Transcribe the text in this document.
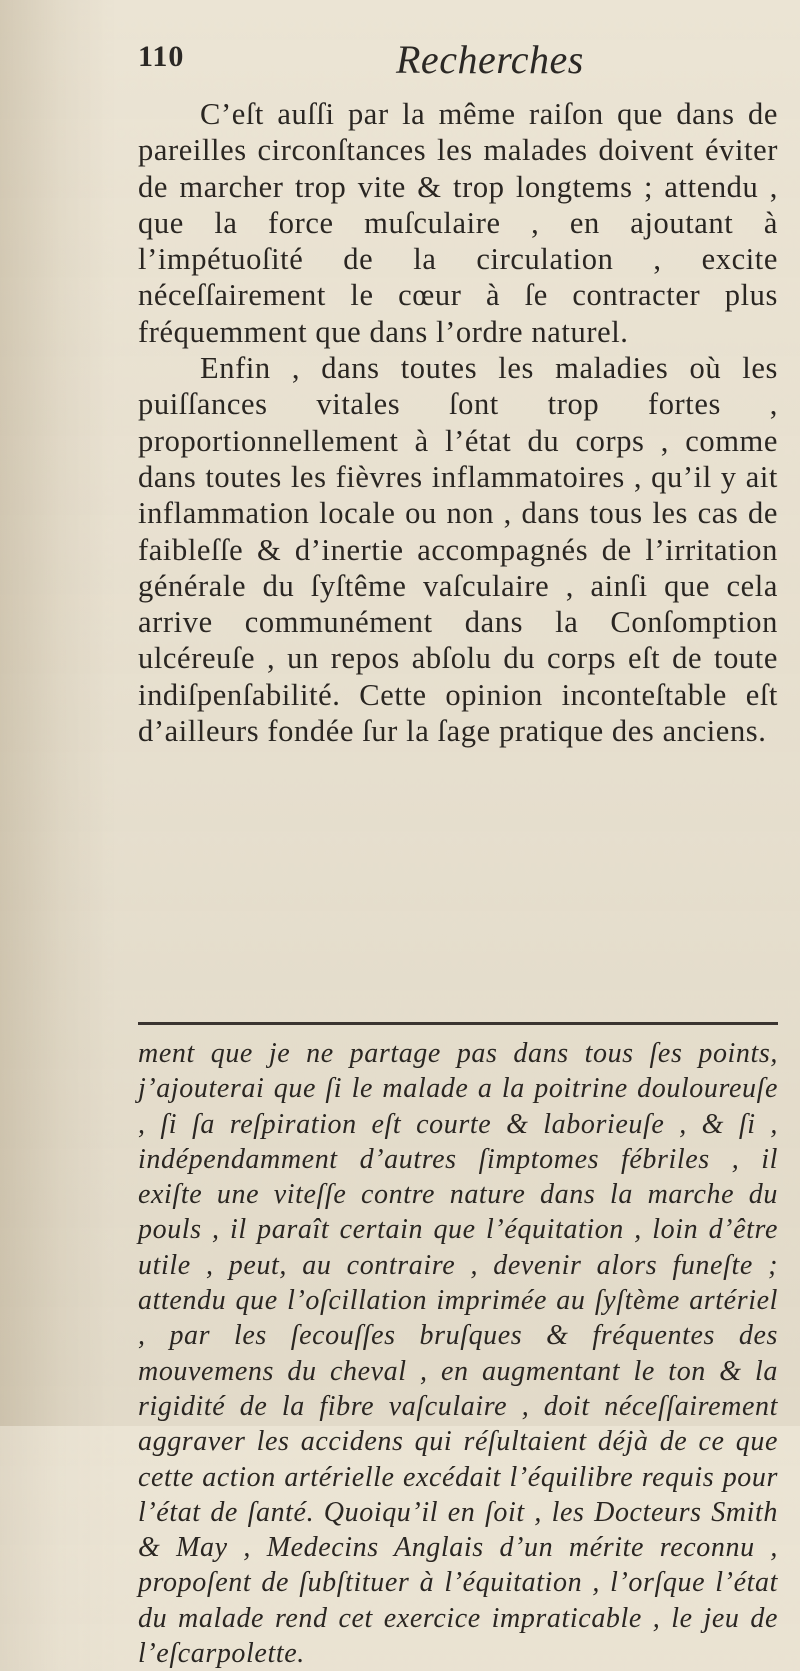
110	Recherches

C’eſt auſſi par la même raiſon que dans de pareilles circonſtances les malades doivent éviter de marcher trop vite & trop longtems ; attendu , que la force muſculaire , en ajoutant à l’impétuoſité de la circulation , excite néceſſairement le cœur à ſe contracter plus fréquemment que dans l’ordre naturel.

Enfin , dans toutes les maladies où les puiſſances vitales ſont trop fortes , proportionnellement à l’état du corps , comme dans toutes les fièvres inflammatoires , qu’il y ait inflammation locale ou non , dans tous les cas de faibleſſe & d’inertie accompagnés de l’irritation générale du ſyſtême vaſculaire , ainſi que cela arrive communément dans la Conſomption ulcéreuſe , un repos abſolu du corps eſt de toute indiſpenſabilité. Cette opinion inconteſtable eſt d’ailleurs fondée ſur la ſage pratique des anciens.

ment que je ne partage pas dans tous ſes points, j’ajouterai que ſi le malade a la poitrine douloureuſe , ſi ſa reſpiration eſt courte & laborieuſe , & ſi , indépendamment d’autres ſimptomes fébriles , il exiſte une viteſſe contre nature dans la marche du pouls , il paraît certain que l’équitation , loin d’être utile , peut, au contraire , devenir alors funeſte ; attendu que l’oſcillation imprimée au ſyſtème artériel , par les ſecouſſes bruſques & fréquentes des mouvemens du cheval , en augmentant le ton & la rigidité de la fibre vaſculaire , doit néceſſairement aggraver les accidens qui réſultaient déjà de ce que cette action artérielle excédait l’équilibre requis pour l’état de ſanté. Quoiqu’il en ſoit , les Docteurs Smith & May , Medecins Anglais d’un mérite reconnu , propoſent de ſubſtituer à l’équitation , l’orſque l’état du malade rend cet exercice impraticable , le jeu de l’eſcarpolette.
